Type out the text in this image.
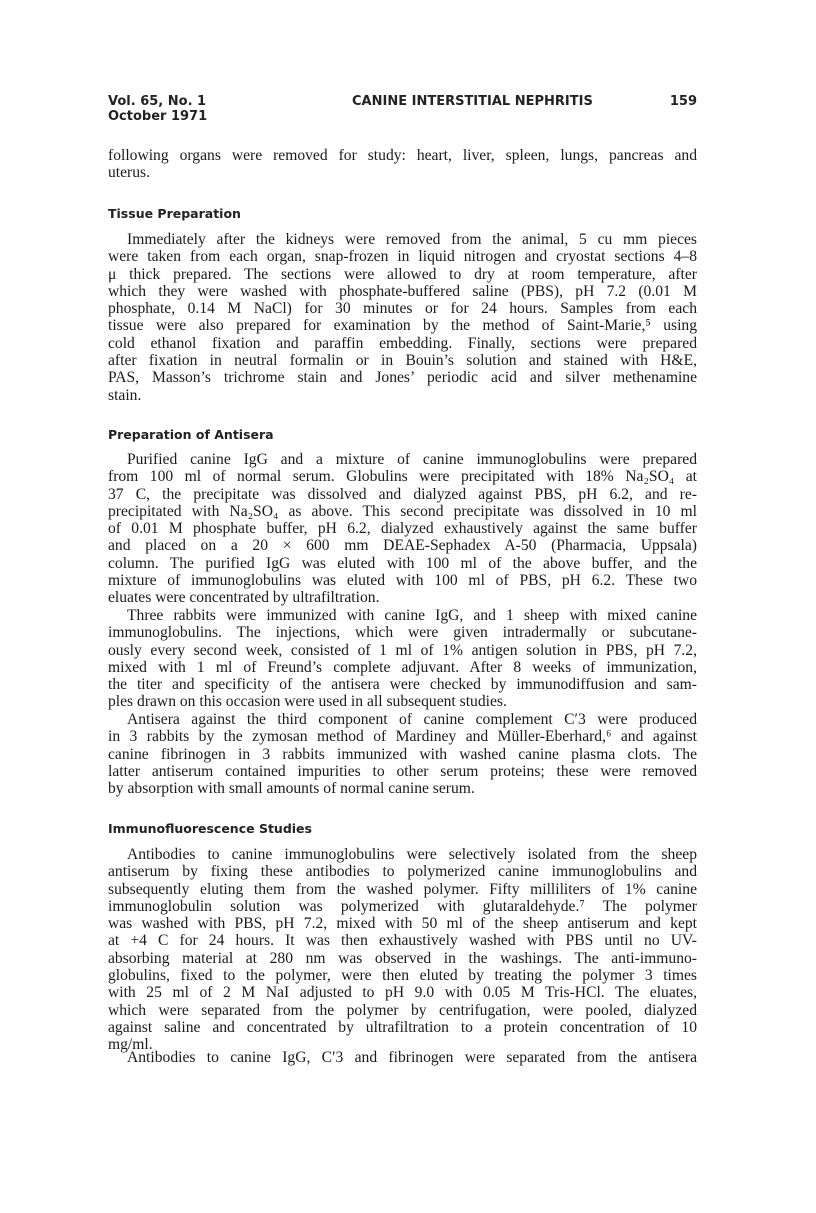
Vol. 65, No. 1
October 1971
CANINE INTERSTITIAL NEPHRITIS	159
following organs were removed for study: heart, liver, spleen, lungs, pancreas and
uterus.
Tissue Preparation
Immediately after the kidneys were removed from the animal, 5 cu mm pieces
were taken from each organ, snap-frozen in liquid nitrogen and cryostat sections 4–8
μ thick prepared. The sections were allowed to dry at room temperature, after
which they were washed with phosphate-buffered saline (PBS), pH 7.2 (0.01 M
phosphate, 0.14 M NaCl) for 30 minutes or for 24 hours. Samples from each
tissue were also prepared for examination by the method of Saint-Marie,⁵ using
cold ethanol fixation and paraffin embedding. Finally, sections were prepared
after fixation in neutral formalin or in Bouin’s solution and stained with H&E,
PAS, Masson’s trichrome stain and Jones’ periodic acid and silver methenamine
stain.
Preparation of Antisera
Purified canine IgG and a mixture of canine immunoglobulins were prepared
from 100 ml of normal serum. Globulins were precipitated with 18% Na₂SO₄ at
37 C, the precipitate was dissolved and dialyzed against PBS, pH 6.2, and re-
precipitated with Na₂SO₄ as above. This second precipitate was dissolved in 10 ml
of 0.01 M phosphate buffer, pH 6.2, dialyzed exhaustively against the same buffer
and placed on a 20 × 600 mm DEAE-Sephadex A-50 (Pharmacia, Uppsala)
column. The purified IgG was eluted with 100 ml of the above buffer, and the
mixture of immunoglobulins was eluted with 100 ml of PBS, pH 6.2. These two
eluates were concentrated by ultrafiltration.
Three rabbits were immunized with canine IgG, and 1 sheep with mixed canine
immunoglobulins. The injections, which were given intradermally or subcutane-
ously every second week, consisted of 1 ml of 1% antigen solution in PBS, pH 7.2,
mixed with 1 ml of Freund’s complete adjuvant. After 8 weeks of immunization,
the titer and specificity of the antisera were checked by immunodiffusion and sam-
ples drawn on this occasion were used in all subsequent studies.
Antisera against the third component of canine complement C′3 were produced
in 3 rabbits by the zymosan method of Mardiney and Müller-Eberhard,⁶ and against
canine fibrinogen in 3 rabbits immunized with washed canine plasma clots. The
latter antiserum contained impurities to other serum proteins; these were removed
by absorption with small amounts of normal canine serum.
Immunofluorescence Studies
Antibodies to canine immunoglobulins were selectively isolated from the sheep
antiserum by fixing these antibodies to polymerized canine immunoglobulins and
subsequently eluting them from the washed polymer. Fifty milliliters of 1% canine
immunoglobulin solution was polymerized with glutaraldehyde.⁷ The polymer
was washed with PBS, pH 7.2, mixed with 50 ml of the sheep antiserum and kept
at +4 C for 24 hours. It was then exhaustively washed with PBS until no UV-
absorbing material at 280 nm was observed in the washings. The anti-immuno-
globulins, fixed to the polymer, were then eluted by treating the polymer 3 times
with 25 ml of 2 M NaI adjusted to pH 9.0 with 0.05 M Tris-HCl. The eluates,
which were separated from the polymer by centrifugation, were pooled, dialyzed
against saline and concentrated by ultrafiltration to a protein concentration of 10
mg/ml.
Antibodies to canine IgG, C′3 and fibrinogen were separated from the antisera
